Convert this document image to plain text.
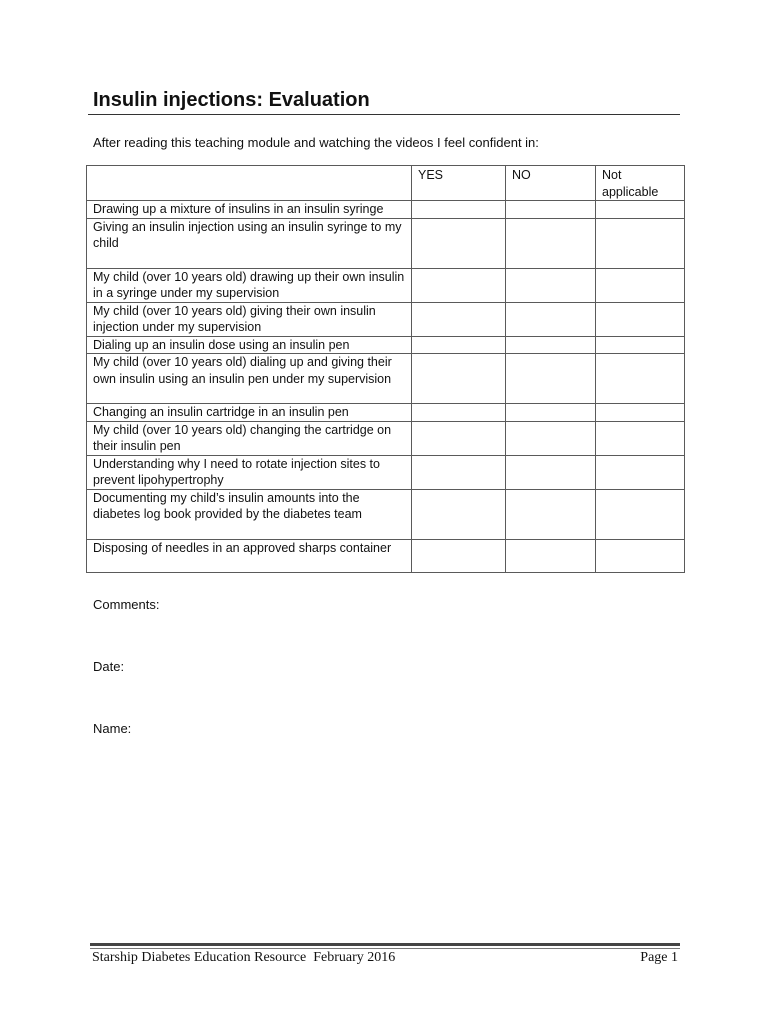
Insulin injections: Evaluation
After reading this teaching module and watching the videos I feel confident in:
	YES	NO	Not applicable
Drawing up a mixture of insulins in an insulin syringe			
Giving an insulin injection using an insulin syringe to my child			
My child (over 10 years old) drawing up their own insulin in a syringe under my supervision			
My child (over 10 years old) giving their own insulin injection under my supervision			
Dialing up an insulin dose using an insulin pen			
My child (over 10 years old) dialing up and giving their own insulin using an insulin pen under my supervision			
Changing an insulin cartridge in an insulin pen			
My child (over 10 years old) changing the cartridge on their insulin pen			
Understanding why I need to rotate injection sites to prevent lipohypertrophy			
Documenting my child’s insulin amounts into the diabetes log book provided by the diabetes team			
Disposing of needles in an approved sharps container			
Comments:
Date:
Name:
Starship Diabetes Education Resource  February 2016	Page 1
